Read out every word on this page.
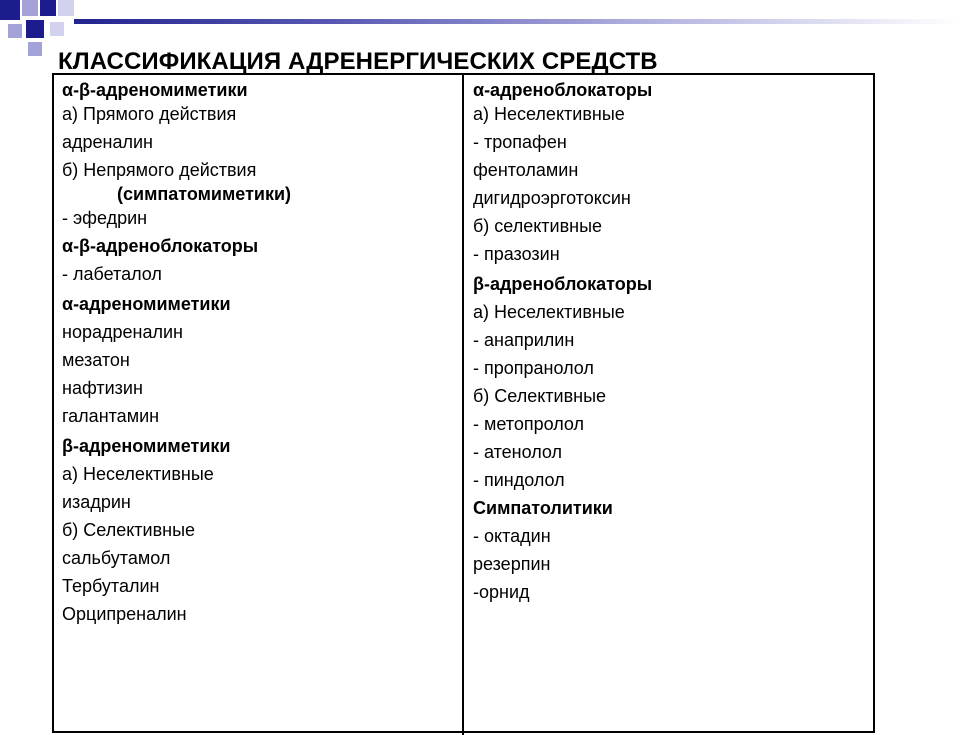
КЛАССИФИКАЦИЯ АДРЕНЕРГИЧЕСКИХ СРЕДСТВ
α-β-адреномиметики
а) Прямого действия
адреналин
б) Непрямого действия
(симпатомиметики)
- эфедрин
α-β-адреноблокаторы
- лабеталол
α-адреномиметики
норадреналин
мезатон
нафтизин
галантамин
β-адреномиметики
а) Неселективные
изадрин
б) Селективные
сальбутамол
Тербуталин
Орципреналин
α-адреноблокаторы
а) Неселективные
- тропафен
фентоламин
дигидроэрготоксин
б) селективные
- празозин
β-адреноблокаторы
а) Неселективные
- анаприлин
- пропранолол
б) Селективные
- метопролол
- атенолол
- пиндолол
Симпатолитики
- октадин
резерпин
-орнид
